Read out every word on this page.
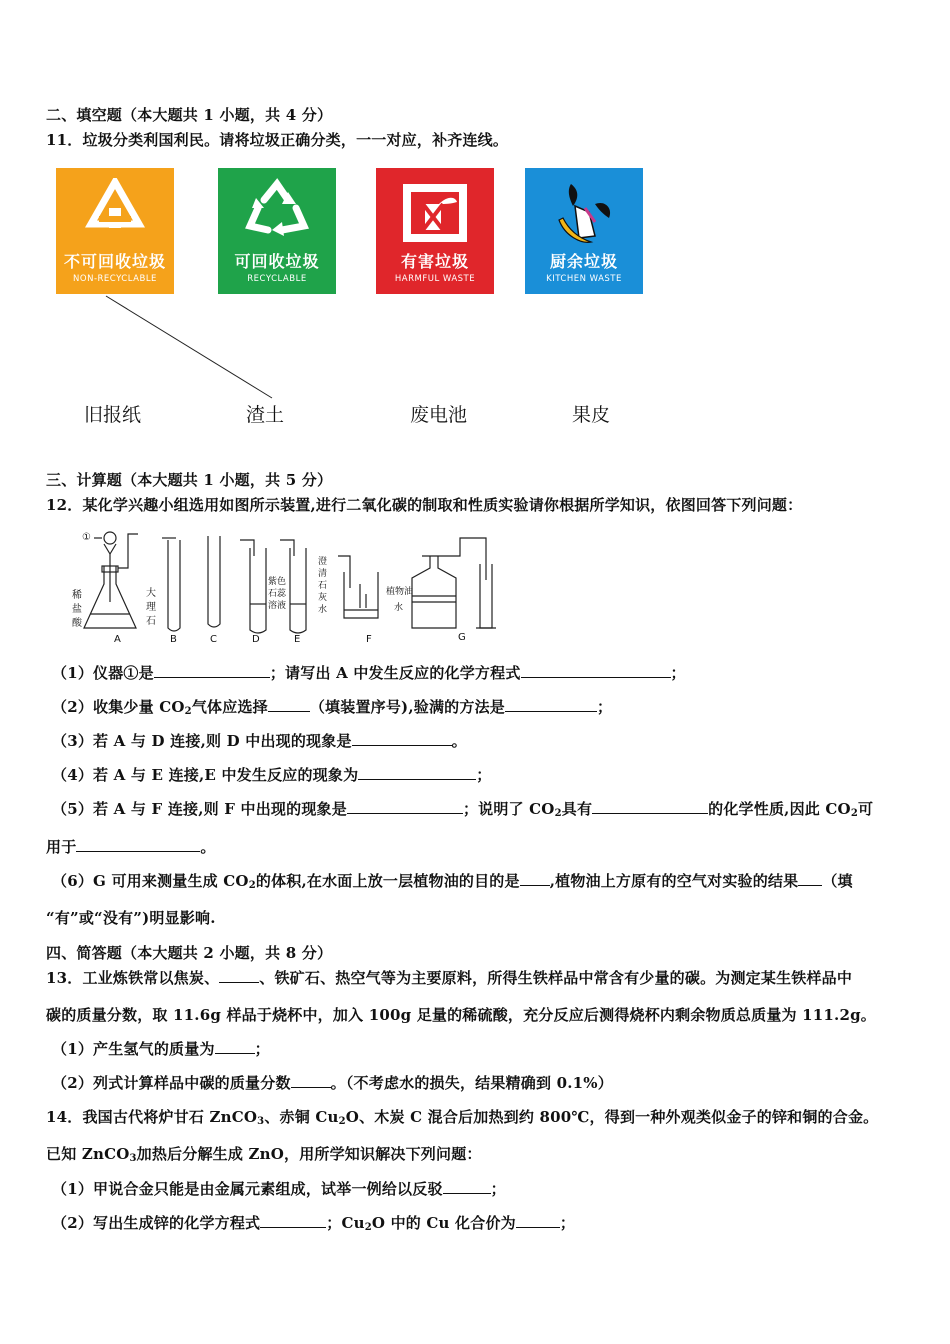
二、填空题（本大题共 1 小题，共 4 分）
11．垃圾分类利国利民。请将垃圾正确分类，一一对应，补齐连线。
不可回收垃圾
NON-RECYCLABLE
可回收垃圾
RECYCLABLE
有害垃圾
HARMFUL WASTE
厨余垃圾
KITCHEN WASTE
旧报纸	渣土	废电池	果皮
三、计算题（本大题共 1 小题，共 5 分）
12．某化学兴趣小组选用如图所示装置,进行二氧化碳的制取和性质实验请你根据所学知识，依图回答下列问题：
①
稀
盐
酸
大
理
石
紫色
石蕊
溶液
澄
清
石
灰
水
植物油
水
A	B	C	D	E	F	G
（1）仪器①是	；请写出 A 中发生反应的化学方程式	；
（2）收集少量 $CO_2$气体应选择	（填装置序号),验满的方法是	；
（3）若 A 与 D 连接,则 D 中出现的现象是	。
（4）若 A 与 E 连接,E 中发生反应的现象为	；
（5）若 A 与 F 连接,则 F 中出现的现象是	；说明了 $CO_2$具有	的化学性质,因此 $CO_2$可
用于	。
（6）G 可用来测量生成 $CO_2$的体积,在水面上放一层植物油的目的是 ,植物油上方原有的空气对实验的结果 （填
“有”或“没有”)明显影响.
四、简答题（本大题共 2 小题，共 8 分）
13．工业炼铁常以焦炭、	、铁矿石、热空气等为主要原料，所得生铁样品中常含有少量的碳。为测定某生铁样品中
碳的质量分数，取 11.6g 样品于烧杯中，加入 100g 足量的稀硫酸，充分反应后测得烧杯内剩余物质总质量为 111.2g。
（1）产生氢气的质量为	；
（2）列式计算样品中碳的质量分数	。（不考虑水的损失，结果精确到 0.1%）
14．我国古代将炉甘石 ZnCO$_3$、赤铜 $Cu_2O$、木炭 C 混合后加热到约 800℃，得到一种外观类似金子的锌和铜的合金。
已知 ZnCO$_3$加热后分解生成 ZnO，用所学知识解决下列问题：
（1）甲说合金只能是由金属元素组成，试举一例给以反驳	；
（2）写出生成锌的化学方程式	；$Cu_2O$ 中的 Cu 化合价为	；
